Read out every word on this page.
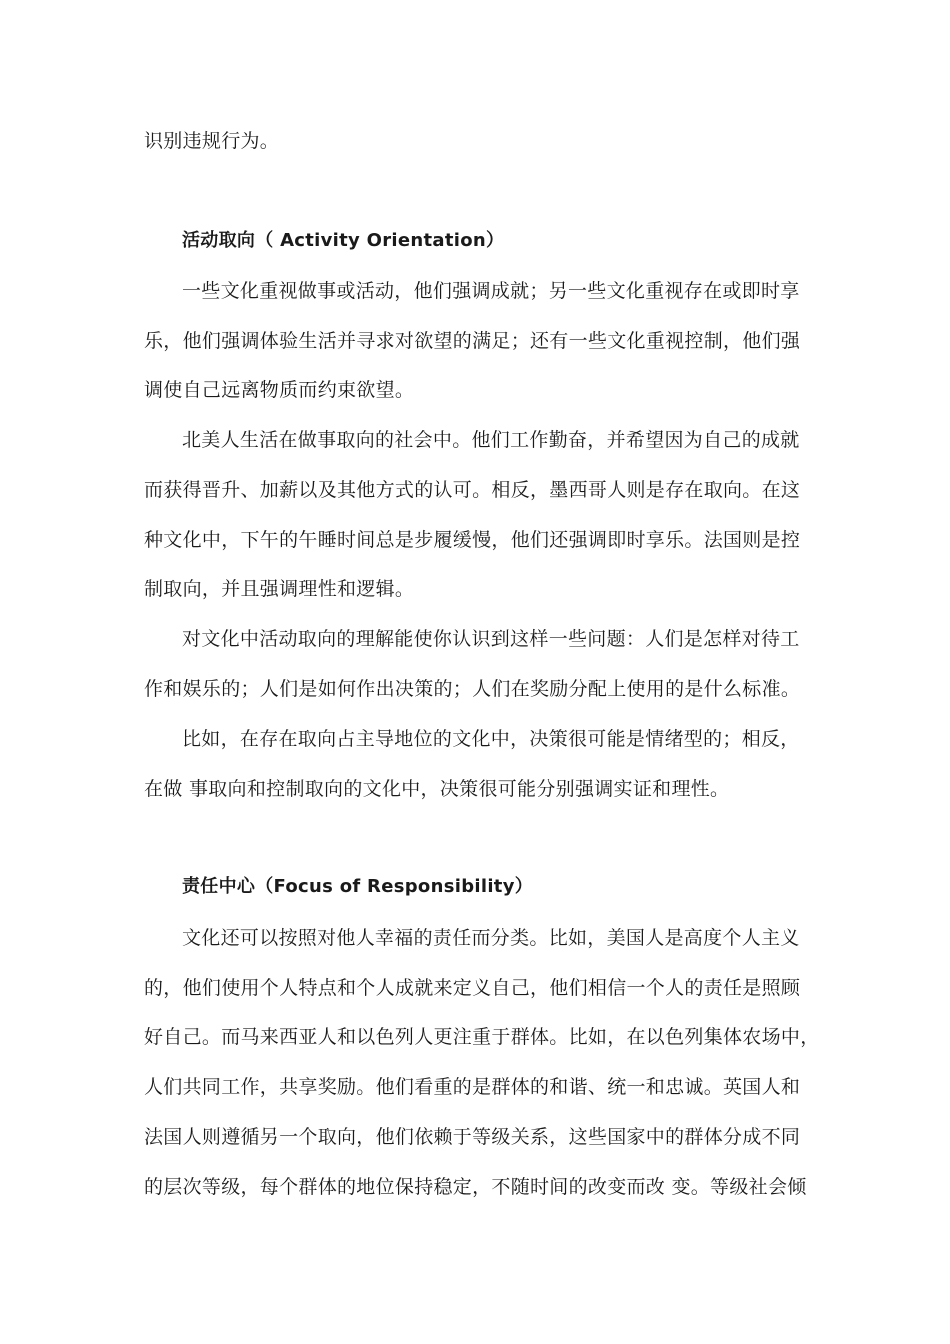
识别违规行为。
活动取向（ Activity Orientation）
一些文化重视做事或活动，他们强调成就；另一些文化重视存在或即时享
乐，他们强调体验生活并寻求对欲望的满足；还有一些文化重视控制，他们强
调使自己远离物质而约束欲望。
北美人生活在做事取向的社会中。他们工作勤奋，并希望因为自己的成就
而获得晋升、加薪以及其他方式的认可。相反，墨西哥人则是存在取向。在这
种文化中，下午的午睡时间总是步履缓慢，他们还强调即时享乐。法国则是控
制取向，并且强调理性和逻辑。
对文化中活动取向的理解能使你认识到这样一些问题：人们是怎样对待工
作和娱乐的；人们是如何作出决策的；人们在奖励分配上使用的是什么标准。
比如，在存在取向占主导地位的文化中，决策很可能是情绪型的；相反，
在做 事取向和控制取向的文化中，决策很可能分别强调实证和理性。
责任中心（Focus of Responsibility）
文化还可以按照对他人幸福的责任而分类。比如，美国人是高度个人主义
的，他们使用个人特点和个人成就来定义自己，他们相信一个人的责任是照顾
好自己。而马来西亚人和以色列人更注重于群体。比如，在以色列集体农场中，
人们共同工作，共享奖励。他们看重的是群体的和谐、统一和忠诚。英国人和
法国人则遵循另一个取向，他们依赖于等级关系，这些国家中的群体分成不同
的层次等级，每个群体的地位保持稳定，不随时间的改变而改 变。等级社会倾
